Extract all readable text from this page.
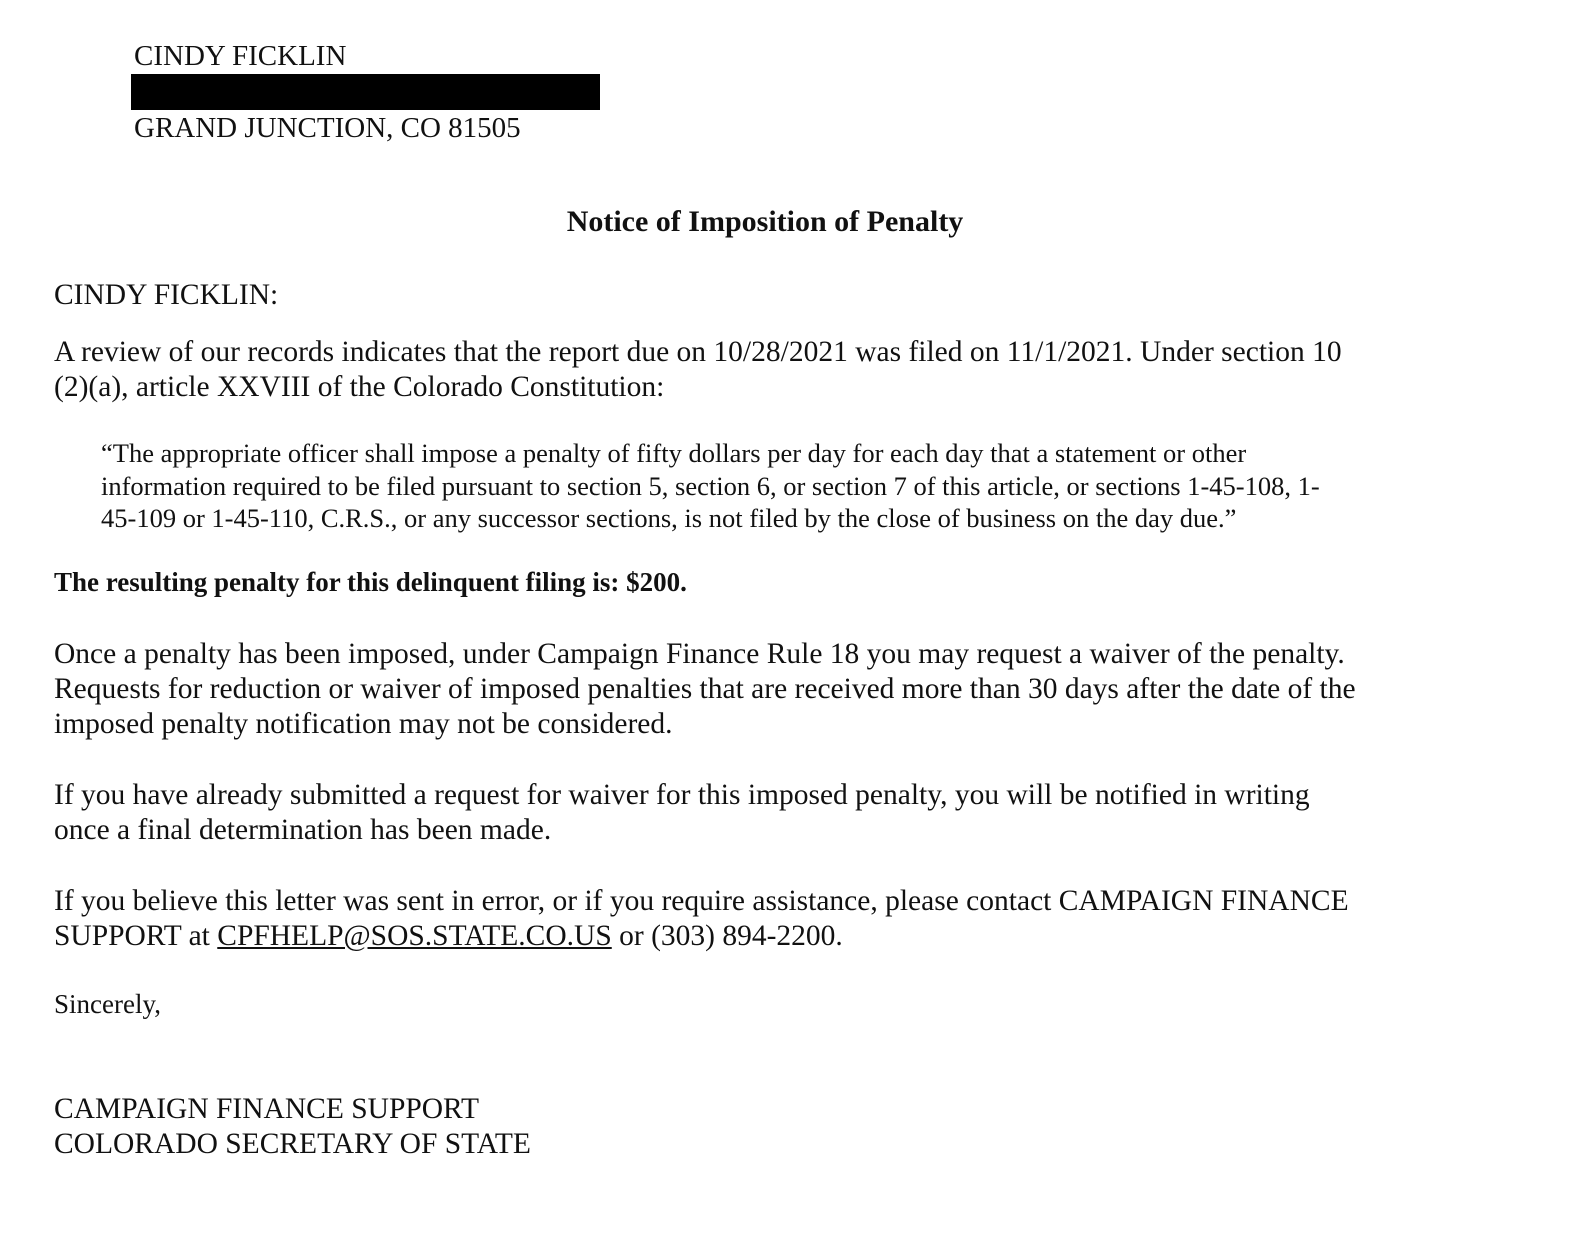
CINDY FICKLIN
GRAND JUNCTION, CO 81505
Notice of Imposition of Penalty
CINDY FICKLIN:
A review of our records indicates that the report due on 10/28/2021 was filed on 11/1/2021. Under section 10
(2)(a), article XXVIII of the Colorado Constitution:
“The appropriate officer shall impose a penalty of fifty dollars per day for each day that a statement or other
information required to be filed pursuant to section 5, section 6, or section 7 of this article, or sections 1-45-108, 1-
45-109 or 1-45-110, C.R.S., or any successor sections, is not filed by the close of business on the day due.”
The resulting penalty for this delinquent filing is: $200.
Once a penalty has been imposed, under Campaign Finance Rule 18 you may request a waiver of the penalty.
Requests for reduction or waiver of imposed penalties that are received more than 30 days after the date of the
imposed penalty notification may not be considered.
If you have already submitted a request for waiver for this imposed penalty, you will be notified in writing
once a final determination has been made.
If you believe this letter was sent in error, or if you require assistance, please contact CAMPAIGN FINANCE
SUPPORT at CPFHELP@SOS.STATE.CO.US or (303) 894-2200.
Sincerely,
CAMPAIGN FINANCE SUPPORT
COLORADO SECRETARY OF STATE
